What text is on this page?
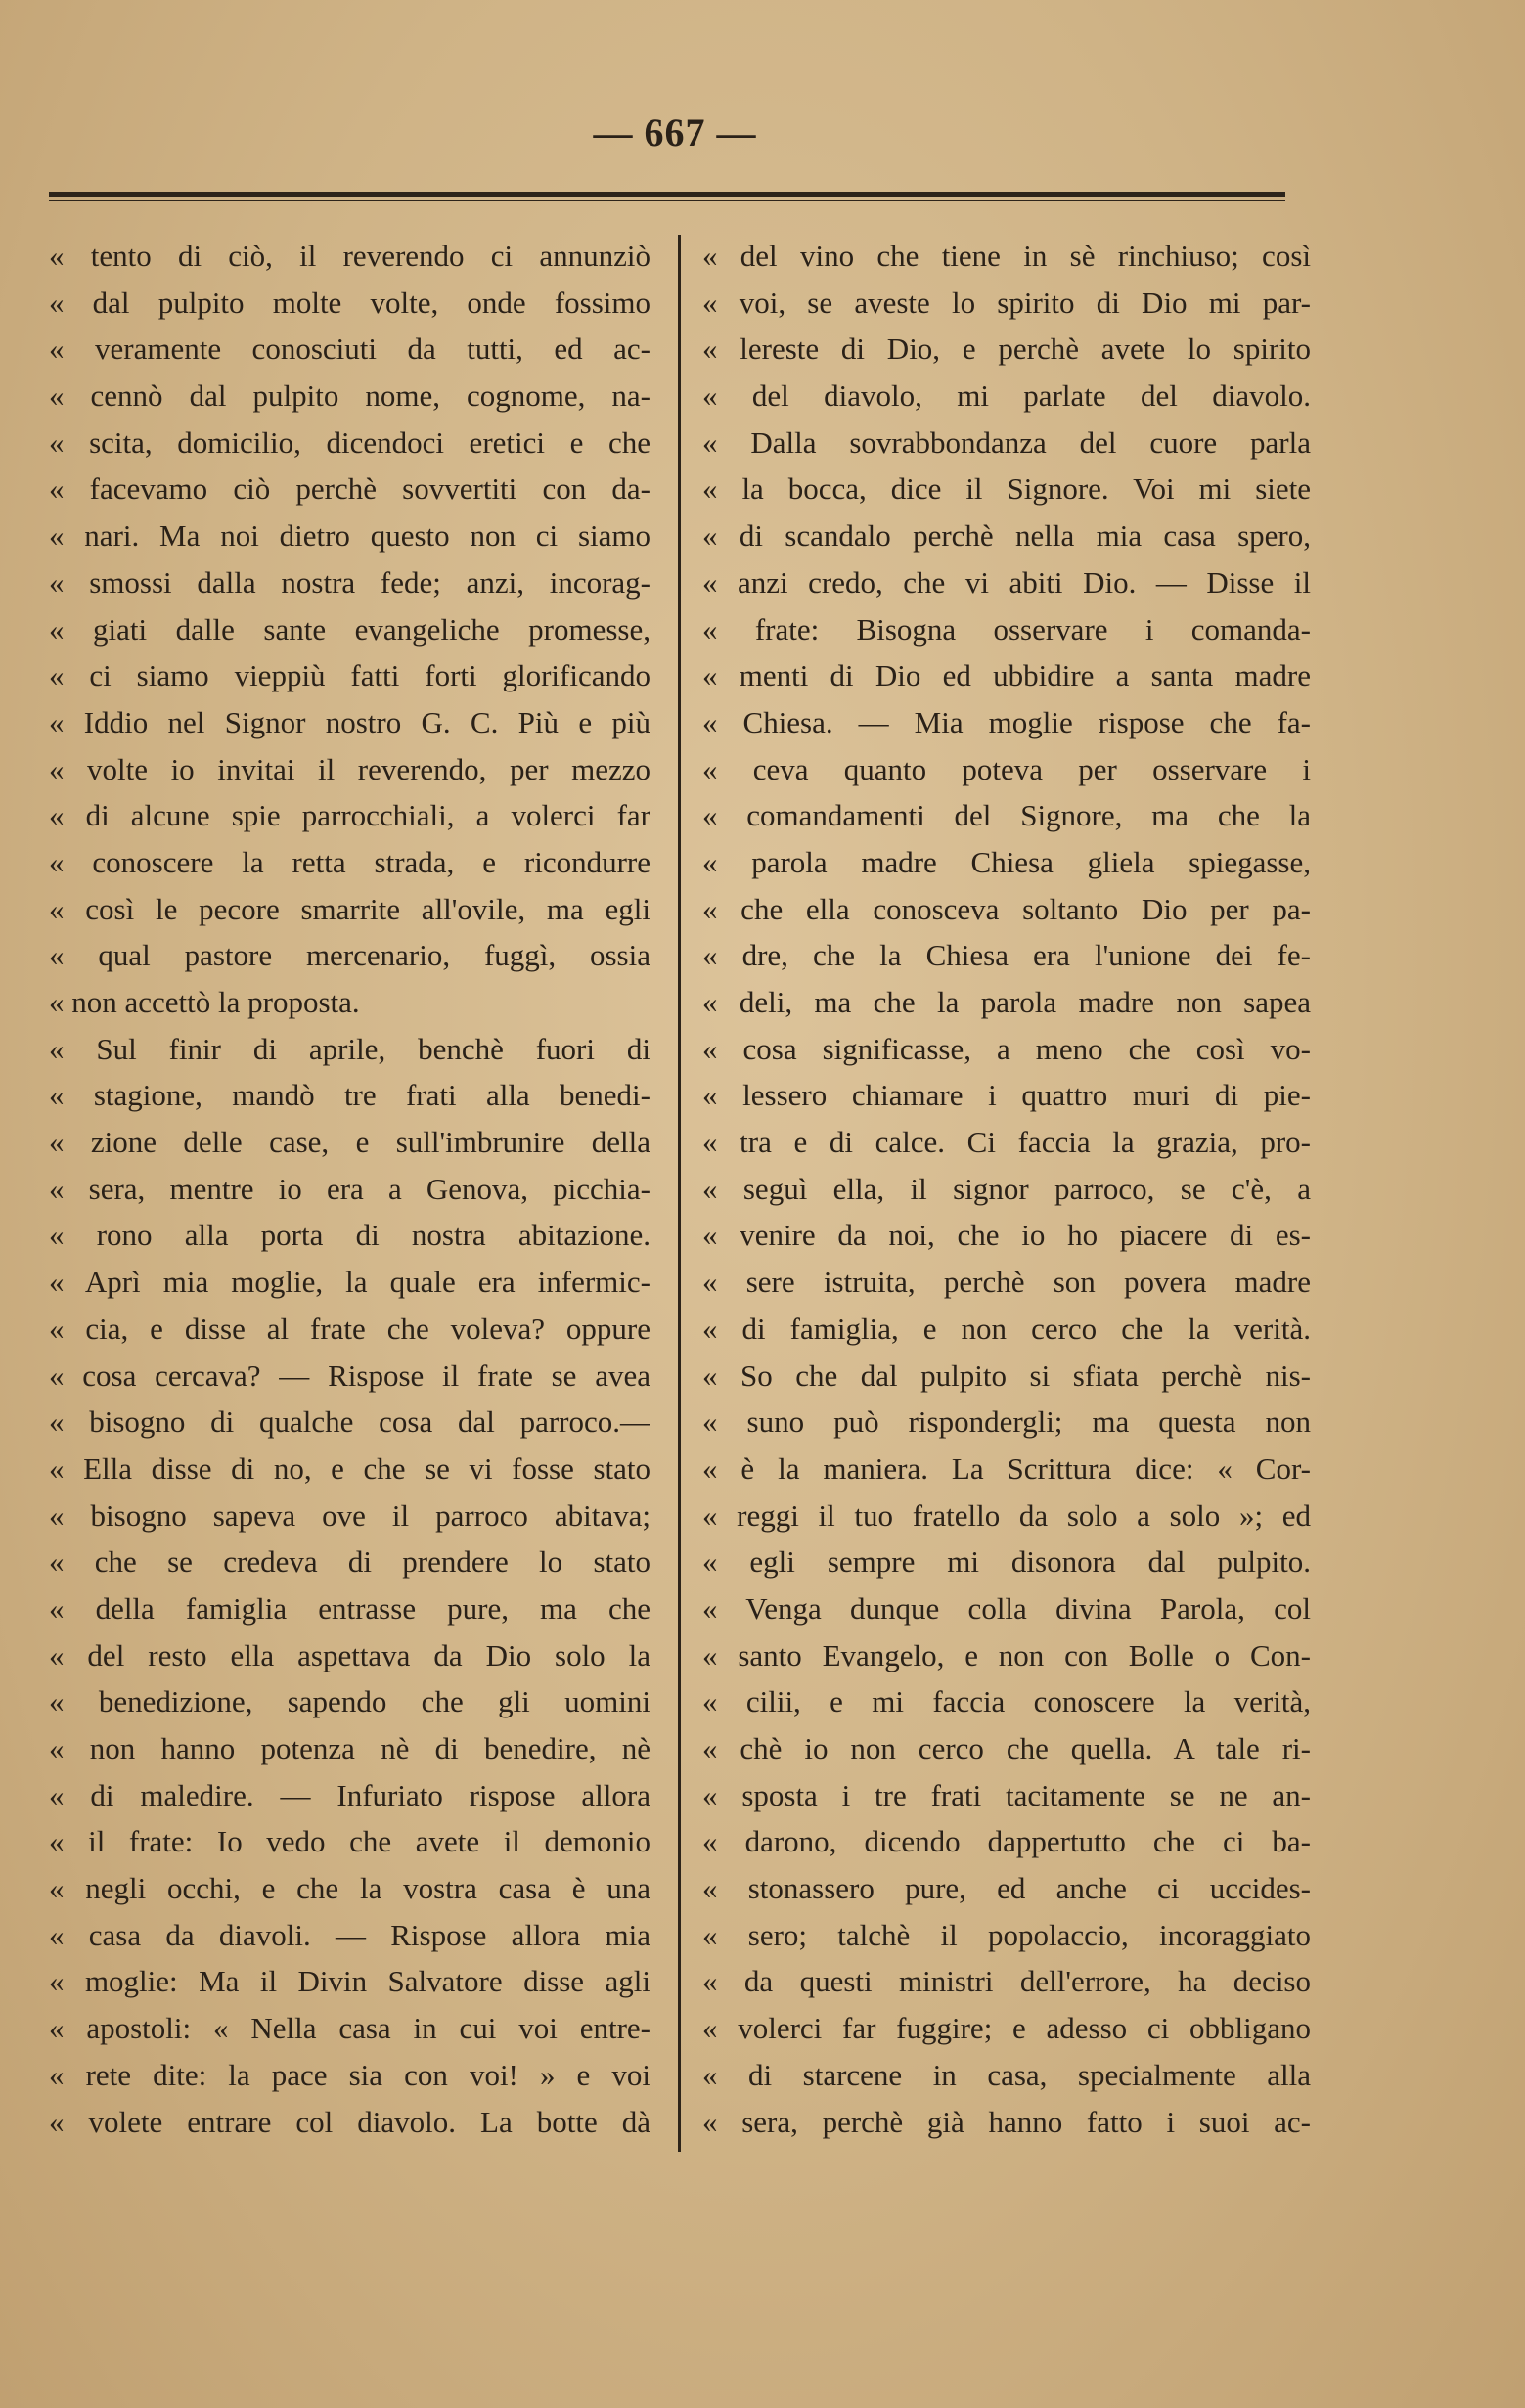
— 667 —
« tento di ciò, il reverendo ci annunziò
« dal pulpito molte volte, onde fossimo
« veramente conosciuti da tutti, ed ac-
« cennò dal pulpito nome, cognome, na-
« scita, domicilio, dicendoci eretici e che
« facevamo ciò perchè sovvertiti con da-
« nari. Ma noi dietro questo non ci siamo
« smossi dalla nostra fede; anzi, incorag-
« giati dalle sante evangeliche promesse,
« ci siamo vieppiù fatti forti glorificando
« Iddio nel Signor nostro G. C. Più e più
« volte io invitai il reverendo, per mezzo
« di alcune spie parrocchiali, a volerci far
« conoscere la retta strada, e ricondurre
« così le pecore smarrite all'ovile, ma egli
« qual pastore mercenario, fuggì, ossia
« non accettò la proposta.
« Sul finir di aprile, benchè fuori di
« stagione, mandò tre frati alla benedi-
« zione delle case, e sull'imbrunire della
« sera, mentre io era a Genova, picchia-
« rono alla porta di nostra abitazione.
« Aprì mia moglie, la quale era infermic-
« cia, e disse al frate che voleva? oppure
« cosa cercava? — Rispose il frate se avea
« bisogno di qualche cosa dal parroco.—
« Ella disse di no, e che se vi fosse stato
« bisogno sapeva ove il parroco abitava;
« che se credeva di prendere lo stato
« della famiglia entrasse pure, ma che
« del resto ella aspettava da Dio solo la
« benedizione, sapendo che gli uomini
« non hanno potenza nè di benedire, nè
« di maledire. — Infuriato rispose allora
« il frate: Io vedo che avete il demonio
« negli occhi, e che la vostra casa è una
« casa da diavoli. — Rispose allora mia
« moglie: Ma il Divin Salvatore disse agli
« apostoli: « Nella casa in cui voi entre-
« rete dite: la pace sia con voi! » e voi
« volete entrare col diavolo. La botte dà
« del vino che tiene in sè rinchiuso; così
« voi, se aveste lo spirito di Dio mi par-
« lereste di Dio, e perchè avete lo spirito
« del diavolo, mi parlate del diavolo.
« Dalla sovrabbondanza del cuore parla
« la bocca, dice il Signore. Voi mi siete
« di scandalo perchè nella mia casa spero,
« anzi credo, che vi abiti Dio. — Disse il
« frate: Bisogna osservare i comanda-
« menti di Dio ed ubbidire a santa madre
« Chiesa. — Mia moglie rispose che fa-
« ceva quanto poteva per osservare i
« comandamenti del Signore, ma che la
« parola madre Chiesa gliela spiegasse,
« che ella conosceva soltanto Dio per pa-
« dre, che la Chiesa era l'unione dei fe-
« deli, ma che la parola madre non sapea
« cosa significasse, a meno che così vo-
« lessero chiamare i quattro muri di pie-
« tra e di calce. Ci faccia la grazia, pro-
« seguì ella, il signor parroco, se c'è, a
« venire da noi, che io ho piacere di es-
« sere istruita, perchè son povera madre
« di famiglia, e non cerco che la verità.
« So che dal pulpito si sfiata perchè nis-
« suno può rispondergli; ma questa non
« è la maniera. La Scrittura dice: « Cor-
« reggi il tuo fratello da solo a solo »; ed
« egli sempre mi disonora dal pulpito.
« Venga dunque colla divina Parola, col
« santo Evangelo, e non con Bolle o Con-
« cilii, e mi faccia conoscere la verità,
« chè io non cerco che quella. A tale ri-
« sposta i tre frati tacitamente se ne an-
« darono, dicendo dappertutto che ci ba-
« stonassero pure, ed anche ci uccides-
« sero; talchè il popolaccio, incoraggiato
« da questi ministri dell'errore, ha deciso
« volerci far fuggire; e adesso ci obbligano
« di starcene in casa, specialmente alla
« sera, perchè già hanno fatto i suoi ac-
